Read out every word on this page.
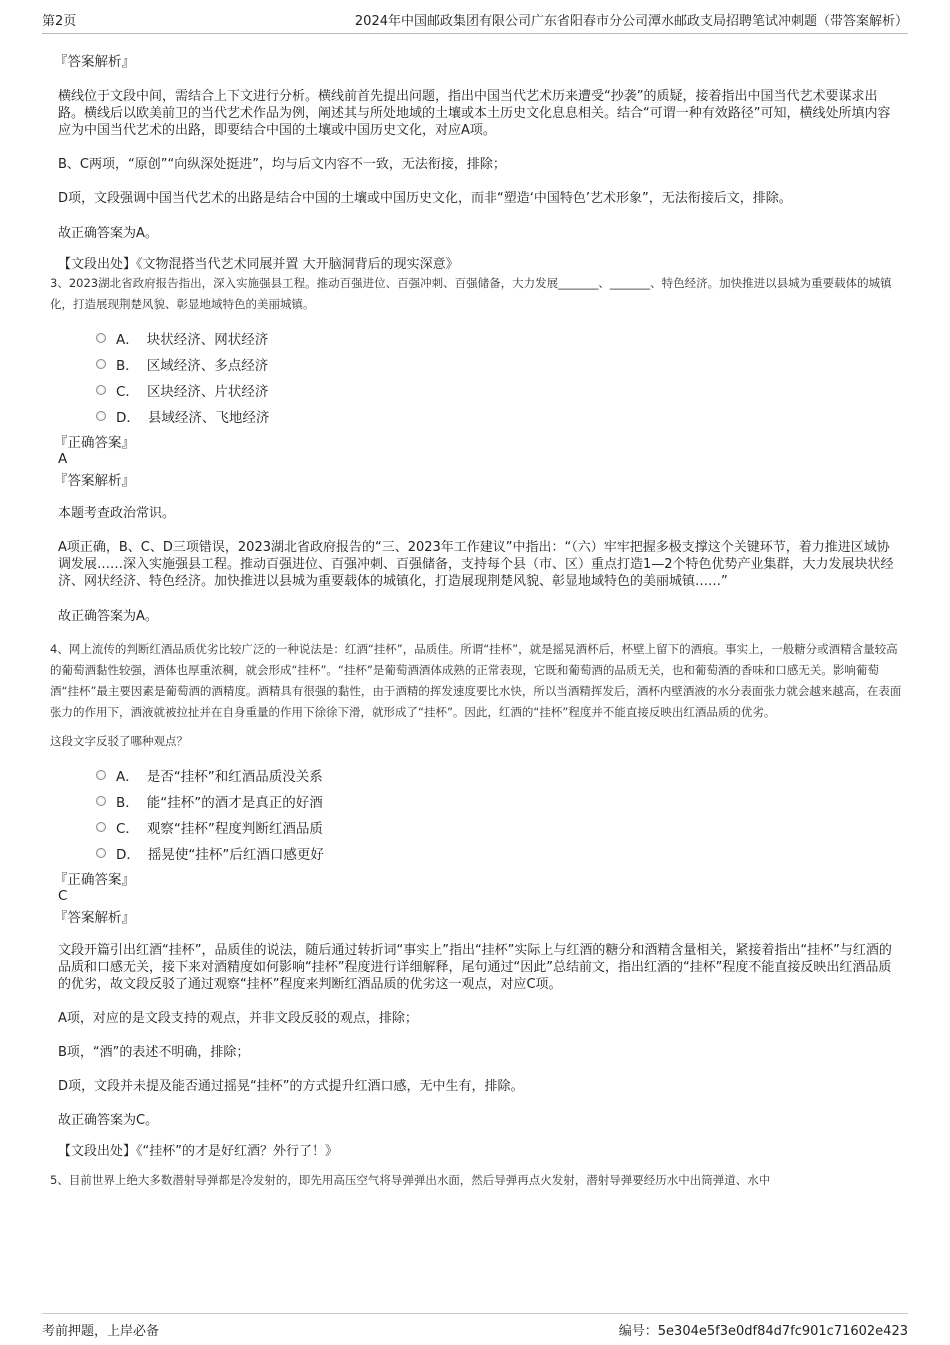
第2页	2024年中国邮政集团有限公司广东省阳春市分公司潭水邮政支局招聘笔试冲刺题（带答案解析）

『答案解析』

横线位于文段中间，需结合上下文进行分析。横线前首先提出问题，指出中国当代艺术历来遭受“抄袭”的质疑，接着指出中国当代艺术要谋求出路。横线后以欧美前卫的当代艺术作品为例，阐述其与所处地域的土壤或本土历史文化息息相关。结合“可谓一种有效路径”可知，横线处所填内容应为中国当代艺术的出路，即要结合中国的土壤或中国历史文化，对应A项。

B、C两项，“原创”“向纵深处挺进”，均与后文内容不一致，无法衔接，排除；

D项，文段强调中国当代艺术的出路是结合中国的土壤或中国历史文化，而非“塑造‘中国特色’艺术形象”，无法衔接后文，排除。

故正确答案为A。

【文段出处】《文物混搭当代艺术同展并置 大开脑洞背后的现实深意》

3、2023湖北省政府报告指出，深入实施强县工程。推动百强进位、百强冲刺、百强储备，大力发展_______、_______、特色经济。加快推进以县城为重要载体的城镇化，打造展现荆楚风貌、彰显地域特色的美丽城镇。

A． 块状经济、网状经济
B． 区域经济、多点经济
C． 区块经济、片状经济
D． 县域经济、飞地经济

『正确答案』

A

『答案解析』

本题考查政治常识。

A项正确，B、C、D三项错误，2023湖北省政府报告的“三、2023年工作建议”中指出：“（六）牢牢把握多极支撑这个关键环节，着力推进区域协调发展……深入实施强县工程。推动百强进位、百强冲刺、百强储备，支持每个县（市、区）重点打造1—2个特色优势产业集群，大力发展块状经济、网状经济、特色经济。加快推进以县城为重要载体的城镇化，打造展现荆楚风貌、彰显地域特色的美丽城镇……”

故正确答案为A。

4、网上流传的判断红酒品质优劣比较广泛的一种说法是：红酒“挂杯”，品质佳。所谓“挂杯”，就是摇晃酒杯后，杯壁上留下的酒痕。事实上，一般糖分或酒精含量较高的葡萄酒黏性较强，酒体也厚重浓稠，就会形成“挂杯”。“挂杯”是葡萄酒酒体成熟的正常表现，它既和葡萄酒的品质无关，也和葡萄酒的香味和口感无关。影响葡萄酒“挂杯”最主要因素是葡萄酒的酒精度。酒精具有很强的黏性，由于酒精的挥发速度要比水快，所以当酒精挥发后，酒杯内壁酒液的水分表面张力就会越来越高，在表面张力的作用下，酒液就被拉扯并在自身重量的作用下徐徐下滑，就形成了“挂杯”。因此，红酒的“挂杯”程度并不能直接反映出红酒品质的优劣。

这段文字反驳了哪种观点？

A． 是否“挂杯”和红酒品质没关系
B． 能“挂杯”的酒才是真正的好酒
C． 观察“挂杯”程度判断红酒品质
D． 摇晃使“挂杯”后红酒口感更好

『正确答案』

C

『答案解析』

文段开篇引出红酒“挂杯”，品质佳的说法，随后通过转折词“事实上”指出“挂杯”实际上与红酒的糖分和酒精含量相关，紧接着指出“挂杯”与红酒的品质和口感无关，接下来对酒精度如何影响“挂杯”程度进行详细解释，尾句通过“因此”总结前文，指出红酒的“挂杯”程度不能直接反映出红酒品质的优劣，故文段反驳了通过观察“挂杯”程度来判断红酒品质的优劣这一观点，对应C项。

A项，对应的是文段支持的观点，并非文段反驳的观点，排除；

B项，“酒”的表述不明确，排除；

D项，文段并未提及能否通过摇晃“挂杯”的方式提升红酒口感，无中生有，排除。

故正确答案为C。

【文段出处】《“挂杯”的才是好红酒？外行了！》

5、目前世界上绝大多数潜射导弹都是冷发射的，即先用高压空气将导弹弹出水面，然后导弹再点火发射，潜射导弹要经历水中出筒弹道、水中

考前押题，上岸必备	编号：5e304e5f3e0df84d7fc901c71602e423
